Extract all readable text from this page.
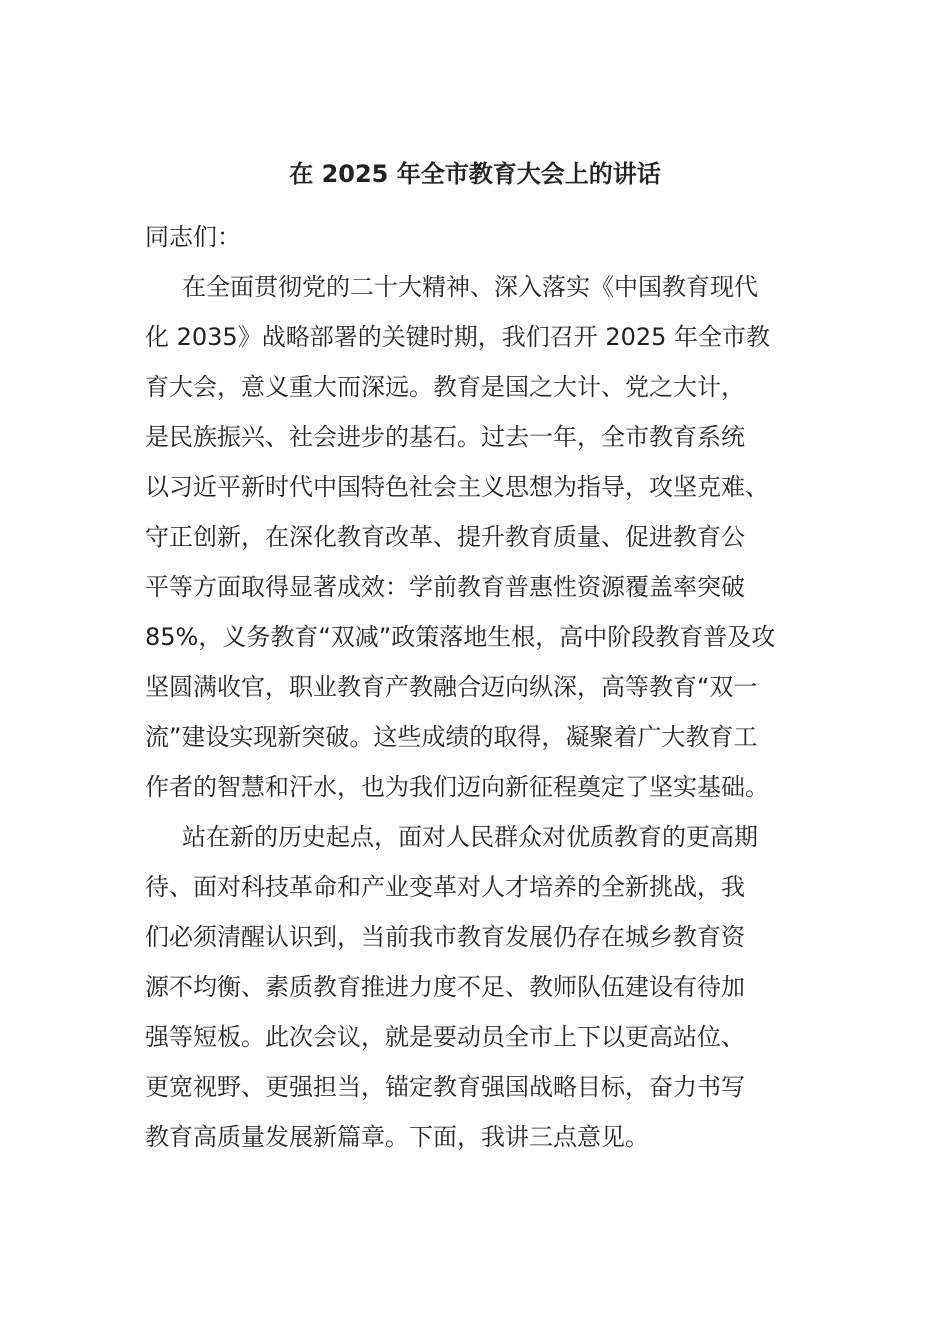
在 2025 年全市教育大会上的讲话

同志们：

在全面贯彻党的二十大精神、深入落实《中国教育现代
化 2035》战略部署的关键时期，我们召开 2025 年全市教
育大会，意义重大而深远。教育是国之大计、党之大计，
是民族振兴、社会进步的基石。过去一年，全市教育系统
以习近平新时代中国特色社会主义思想为指导，攻坚克难、
守正创新，在深化教育改革、提升教育质量、促进教育公
平等方面取得显著成效：学前教育普惠性资源覆盖率突破
85%，义务教育“双减”政策落地生根，高中阶段教育普及攻
坚圆满收官，职业教育产教融合迈向纵深，高等教育“双一
流”建设实现新突破。这些成绩的取得，凝聚着广大教育工
作者的智慧和汗水，也为我们迈向新征程奠定了坚实基础。
站在新的历史起点，面对人民群众对优质教育的更高期
待、面对科技革命和产业变革对人才培养的全新挑战，我
们必须清醒认识到，当前我市教育发展仍存在城乡教育资
源不均衡、素质教育推进力度不足、教师队伍建设有待加
强等短板。此次会议，就是要动员全市上下以更高站位、
更宽视野、更强担当，锚定教育强国战略目标，奋力书写
教育高质量发展新篇章。下面，我讲三点意见。
